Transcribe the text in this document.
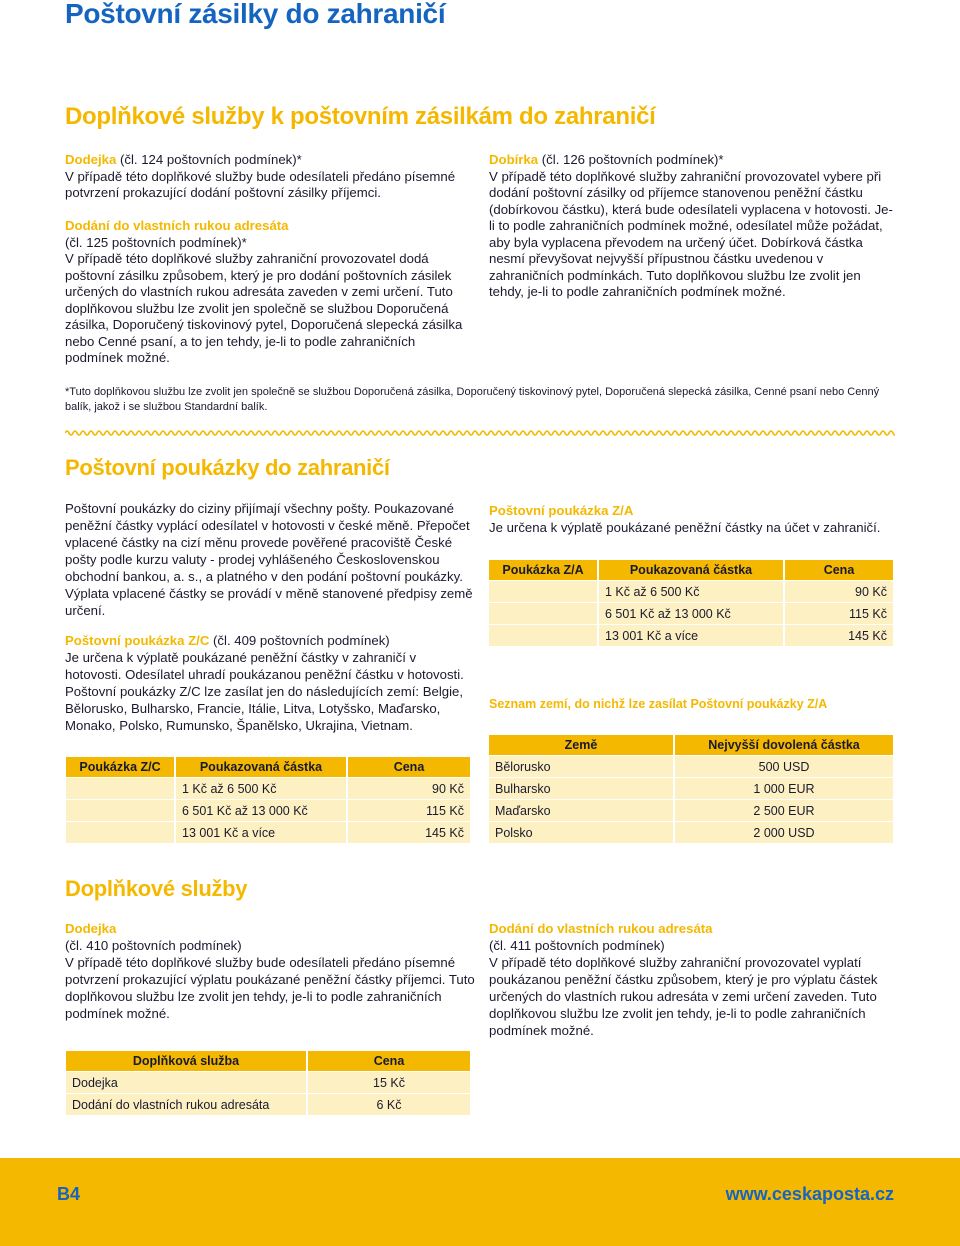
Poštovní zásilky do zahraničí
Doplňkové služby k poštovním zásilkám do zahraničí
Dodejka (čl. 124 poštovních podmínek)*
V případě této doplňkové služby bude odesílateli předáno písemné potvrzení prokazující dodání poštovní zásilky příjemci.
Dodání do vlastních rukou adresáta
(čl. 125 poštovních podmínek)*
V případě této doplňkové služby zahraniční provozovatel dodá poštovní zásilku způsobem, který je pro dodání poštovních zásilek určených do vlastních rukou adresáta zaveden v zemi určení. Tuto doplňkovou službu lze zvolit jen společně se službou Doporučená zásilka, Doporučený tiskovinový pytel, Doporučená slepecká zásilka nebo Cenné psaní, a to jen tehdy, je-li to podle zahraničních podmínek možné.
Dobírka (čl. 126 poštovních podmínek)*
V případě této doplňkové služby zahraniční provozovatel vybere při dodání poštovní zásilky od příjemce stanovenou peněžní částku (dobírkovou částku), která bude odesílateli vyplacena v hotovosti. Je-li to podle zahraničních podmínek možné, odesílatel může požádat, aby byla vyplacena převodem na určený účet. Dobírková částka nesmí převyšovat nejvyšší přípustnou částku uvedenou v zahraničních podmínkách. Tuto doplňkovou službu lze zvolit jen tehdy, je-li to podle zahraničních podmínek možné.
*Tuto doplňkovou službu lze zvolit jen společně se službou Doporučená zásilka, Doporučený tiskovinový pytel, Doporučená slepecká zásilka, Cenné psaní nebo Cenný balík, jakož i se službou Standardní balík.
Poštovní poukázky do zahraničí
Poštovní poukázky do ciziny přijímají všechny pošty. Poukazované peněžní částky vyplácí odesílatel v hotovosti v české měně. Přepočet vplacené částky na cizí měnu provede pověřené pracoviště České pošty podle kurzu valuty - prodej vyhlášeného Československou obchodní bankou, a. s., a platného v den podání poštovní poukázky. Výplata vplacené částky se provádí v měně stanovené předpisy země určení.
Poštovní poukázka Z/C (čl. 409 poštovních podmínek)
Je určena k výplatě poukázané peněžní částky v zahraničí v hotovosti. Odesílatel uhradí poukázanou peněžní částku v hotovosti. Poštovní poukázky Z/C lze zasílat jen do následujících zemí: Belgie, Bělorusko, Bulharsko, Francie, Itálie, Litva, Lotyšsko, Maďarsko, Monako, Polsko, Rumunsko, Španělsko, Ukrajina, Vietnam.
Poštovní poukázka Z/A
Je určena k výplatě poukázané peněžní částky na účet v zahraničí.
Poukázka Z/A	Poukazovaná částka	Cena
	1 Kč až 6 500 Kč	90 Kč
	6 501 Kč až 13 000 Kč	115 Kč
	13 001 Kč a více	145 Kč
Seznam zemí, do nichž lze zasílat Poštovní poukázky Z/A
Země	Nejvyšší dovolená částka
Bělorusko	500 USD
Bulharsko	1 000 EUR
Maďarsko	2 500 EUR
Polsko	2 000 USD
Poukázka Z/C	Poukazovaná částka	Cena
	1 Kč až 6 500 Kč	90 Kč
	6 501 Kč až 13 000 Kč	115 Kč
	13 001 Kč a více	145 Kč
Doplňkové služby
Dodejka
(čl. 410 poštovních podmínek)
V případě této doplňkové služby bude odesílateli předáno písemné potvrzení prokazující výplatu poukázané peněžní částky příjemci. Tuto doplňkovou službu lze zvolit jen tehdy, je-li to podle zahraničních podmínek možné.
Dodání do vlastních rukou adresáta
(čl. 411 poštovních podmínek)
V případě této doplňkové služby zahraniční provozovatel vyplatí poukázanou peněžní částku způsobem, který je pro výplatu částek určených do vlastních rukou adresáta v zemi určení zaveden. Tuto doplňkovou službu lze zvolit jen tehdy, je-li to podle zahraničních podmínek možné.
Doplňková služba	Cena
Dodejka	15 Kč
Dodání do vlastních rukou adresáta	6 Kč
B4	www.ceskaposta.cz
